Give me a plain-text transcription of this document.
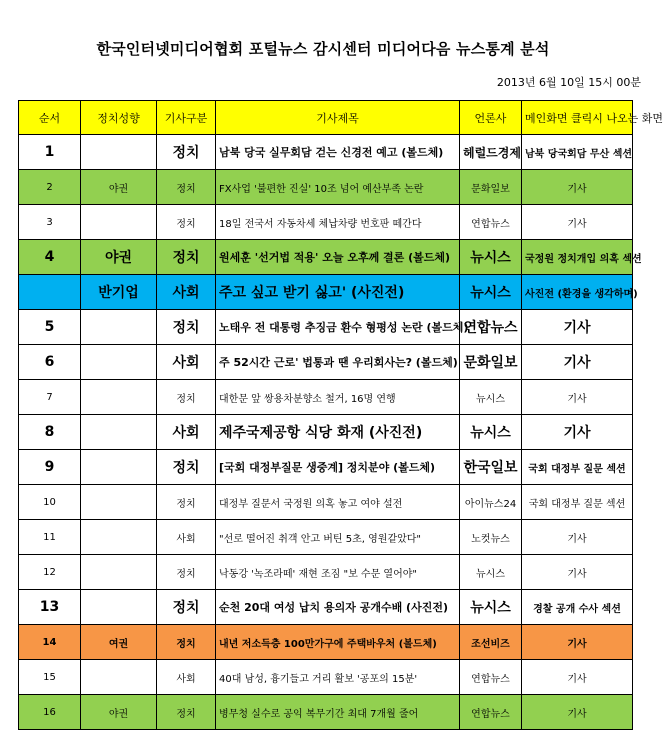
한국인터넷미디어협회 포털뉴스 감시센터 미디어다음 뉴스통계 분석
2013년 6월 10일 15시 00분
순서	정치성향	기사구분	기사제목	언론사	메인화면 클릭시 나오는 화면
1		정치	남북 당국 실무회담 걷는 신경전 예고 (볼드체)	헤럴드경제	남북 당국회담 무산 섹션
2	야권	정치	FX사업 '불편한 진실' 10조 넘어 예산부족 논란	문화일보	기사
3		정치	18일 전국서 자동차세 체납차량 번호판 떼간다	연합뉴스	기사
4	야권	정치	원세훈 '선거법 적용' 오늘 오후께 결론 (볼드체)	뉴시스	국정원 정치개입 의혹 섹션
	반기업	사회	주고 싶고 받기 싫고' (사진전)	뉴시스	사진전 (환경을 생각하며)
5		정치	노태우 전 대통령 추징금 환수 형평성 논란 (볼드체)	연합뉴스	기사
6		사회	주 52시간 근로' 법통과 땐 우리회사는? (볼드체)	문화일보	기사
7		정치	대한문 앞 쌍용차분향소 철거, 16명 연행	뉴시스	기사
8		사회	제주국제공항 식당 화재 (사진전)	뉴시스	기사
9		정치	[국회 대정부질문 생중계] 정치분야 (볼드체)	한국일보	국회 대정부 질문 섹션
10		정치	대정부 질문서 국정원 의혹 놓고 여야 설전	아이뉴스24	국회 대정부 질문 섹션
11		사회	"선로 떨어진 취객 안고 버틴 5초, 영원같았다"	노컷뉴스	기사
12		정치	낙동강 '녹조라떼' 재현 조짐 "보 수문 열어야"	뉴시스	기사
13		정치	순천 20대 여성 납치 용의자 공개수배 (사진전)	뉴시스	경찰 공개 수사 섹션
14	여권	정치	내년 저소득층 100만가구에 주택바우처 (볼드체)	조선비즈	기사
15		사회	40대 남성, 흉기들고 거리 활보 '공포의 15분'	연합뉴스	기사
16	야권	정치	병무청 실수로 공익 복무기간 최대 7개월 줄어	연합뉴스	기사
